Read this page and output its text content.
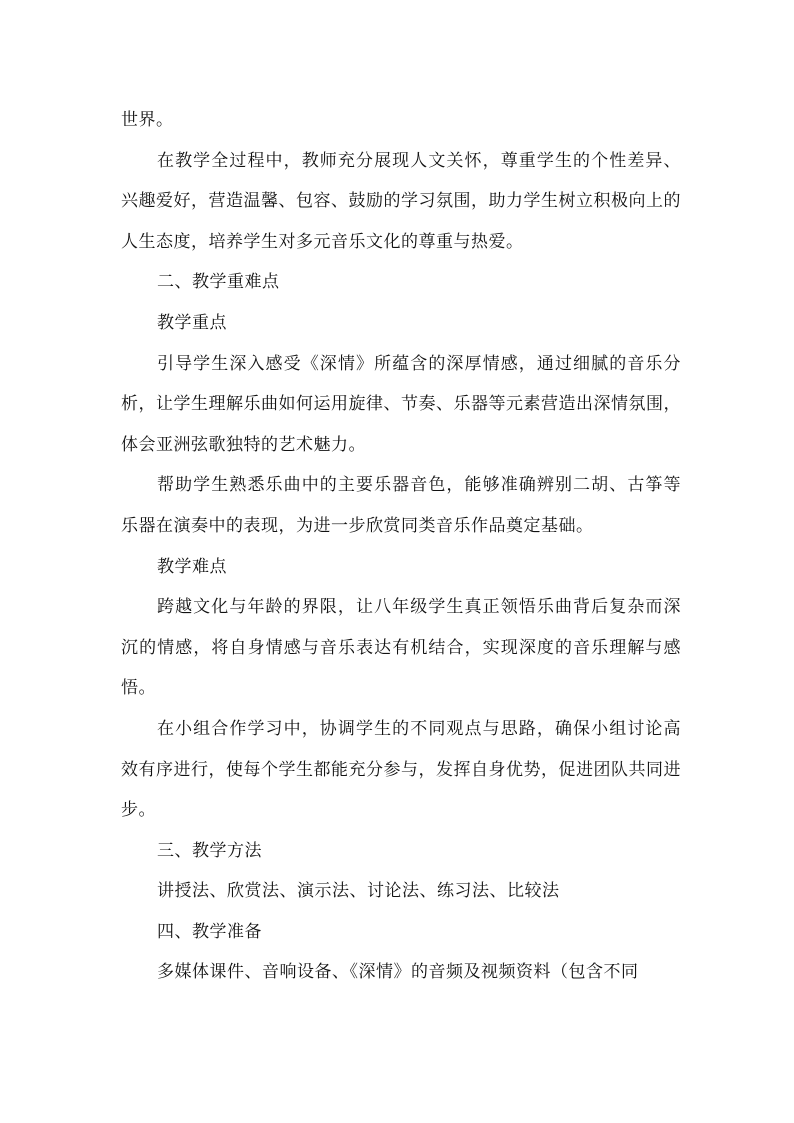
世界。

在教学全过程中，教师充分展现人文关怀，尊重学生的个性差异、兴趣爱好，营造温馨、包容、鼓励的学习氛围，助力学生树立积极向上的人生态度，培养学生对多元音乐文化的尊重与热爱。

二、教学重难点

教学重点

引导学生深入感受《深情》所蕴含的深厚情感，通过细腻的音乐分析，让学生理解乐曲如何运用旋律、节奏、乐器等元素营造出深情氛围，体会亚洲弦歌独特的艺术魅力。

帮助学生熟悉乐曲中的主要乐器音色，能够准确辨别二胡、古筝等乐器在演奏中的表现，为进一步欣赏同类音乐作品奠定基础。

教学难点

跨越文化与年龄的界限，让八年级学生真正领悟乐曲背后复杂而深沉的情感，将自身情感与音乐表达有机结合，实现深度的音乐理解与感悟。

在小组合作学习中，协调学生的不同观点与思路，确保小组讨论高效有序进行，使每个学生都能充分参与，发挥自身优势，促进团队共同进步。

三、教学方法

讲授法、欣赏法、演示法、讨论法、练习法、比较法

四、教学准备

多媒体课件、音响设备、《深情》的音频及视频资料（包含不同
